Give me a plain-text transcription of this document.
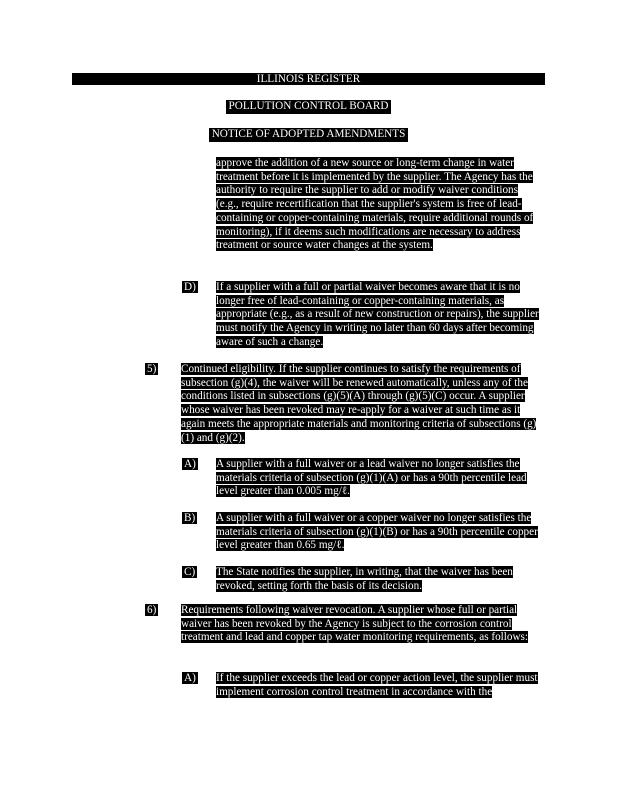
ILLINOIS REGISTER
POLLUTION CONTROL BOARD
NOTICE OF ADOPTED AMENDMENTS
approve the addition of a new source or long-term change in water treatment before it is implemented by the supplier. The Agency has the authority to require the supplier to add or modify waiver conditions (e.g., require recertification that the supplier's system is free of lead-containing or copper-containing materials, require additional rounds of monitoring), if it deems such modifications are necessary to address treatment or source water changes at the system.
D) If a supplier with a full or partial waiver becomes aware that it is no longer free of lead-containing or copper-containing materials, as appropriate (e.g., as a result of new construction or repairs), the supplier must notify the Agency in writing no later than 60 days after becoming aware of such a change.
5) Continued eligibility. If the supplier continues to satisfy the requirements of subsection (g)(4), the waiver will be renewed automatically, unless any of the conditions listed in subsections (g)(5)(A) through (g)(5)(C) occur. A supplier whose waiver has been revoked may re-apply for a waiver at such time as it again meets the appropriate materials and monitoring criteria of subsections (g)(1) and (g)(2).
A) A supplier with a full waiver or a lead waiver no longer satisfies the materials criteria of subsection (g)(1)(A) or has a 90th percentile lead level greater than 0.005 mg/ℓ.
B) A supplier with a full waiver or a copper waiver no longer satisfies the materials criteria of subsection (g)(1)(B) or has a 90th percentile copper level greater than 0.65 mg/ℓ.
C) The State notifies the supplier, in writing, that the waiver has been revoked, setting forth the basis of its decision.
6) Requirements following waiver revocation. A supplier whose full or partial waiver has been revoked by the Agency is subject to the corrosion control treatment and lead and copper tap water monitoring requirements, as follows:
A) If the supplier exceeds the lead or copper action level, the supplier must implement corrosion control treatment in accordance with the
